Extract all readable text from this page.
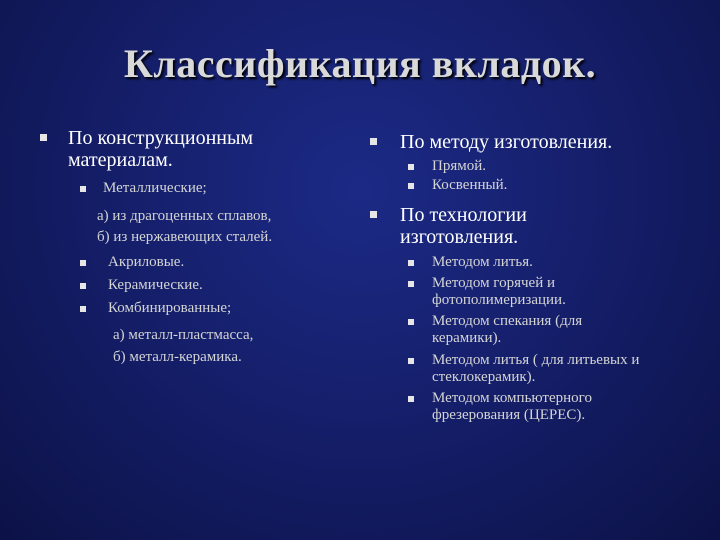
Классификация вкладок.
По конструкционным
материалам.
Металлические;
а) из драгоценных сплавов,
б) из нержавеющих сталей.
Акриловые.
Керамические.
Комбинированные;
а) металл-пластмасса,
б) металл-керамика.
По методу изготовления.
Прямой.
Косвенный.
По технологии
изготовления.
Методом литья.
Методом горячей и
фотополимеризации.
Методом спекания (для
керамики).
Методом литья ( для литьевых и
стеклокерамик).
Методом компьютерного
фрезерования (ЦЕРЕС).
